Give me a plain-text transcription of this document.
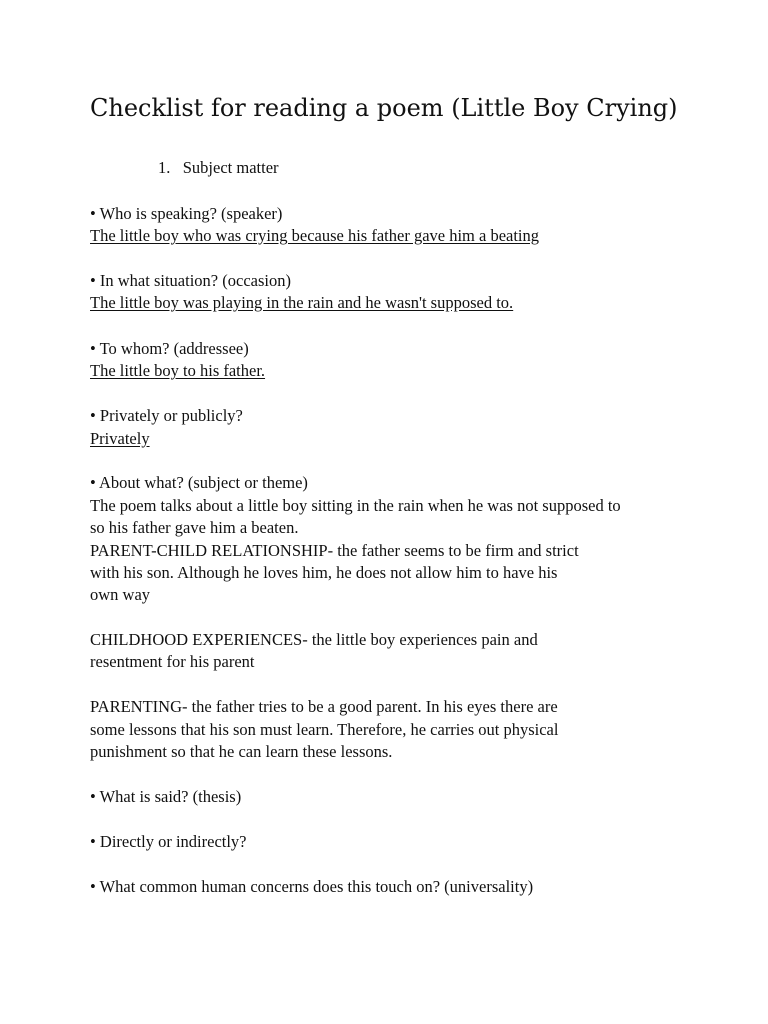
Checklist for reading a poem (Little Boy Crying)

1. Subject matter

• Who is speaking? (speaker)

The little boy who was crying because his father gave him a beating

• In what situation? (occasion)

The little boy was playing in the rain and he wasn't supposed to.

• To whom? (addressee)

The little boy to his father.

• Privately or publicly?

Privately

• About what? (subject or theme)

The poem talks about a little boy sitting in the rain when he was not supposed to

so his father gave him a beaten.

PARENT-CHILD RELATIONSHIP- the father seems to be firm and strict

with his son. Although he loves him, he does not allow him to have his

own way

CHILDHOOD EXPERIENCES- the little boy experiences pain and

resentment for his parent

PARENTING- the father tries to be a good parent. In his eyes there are

some lessons that his son must learn. Therefore, he carries out physical

punishment so that he can learn these lessons.

• What is said? (thesis)

• Directly or indirectly?

• What common human concerns does this touch on? (universality)
